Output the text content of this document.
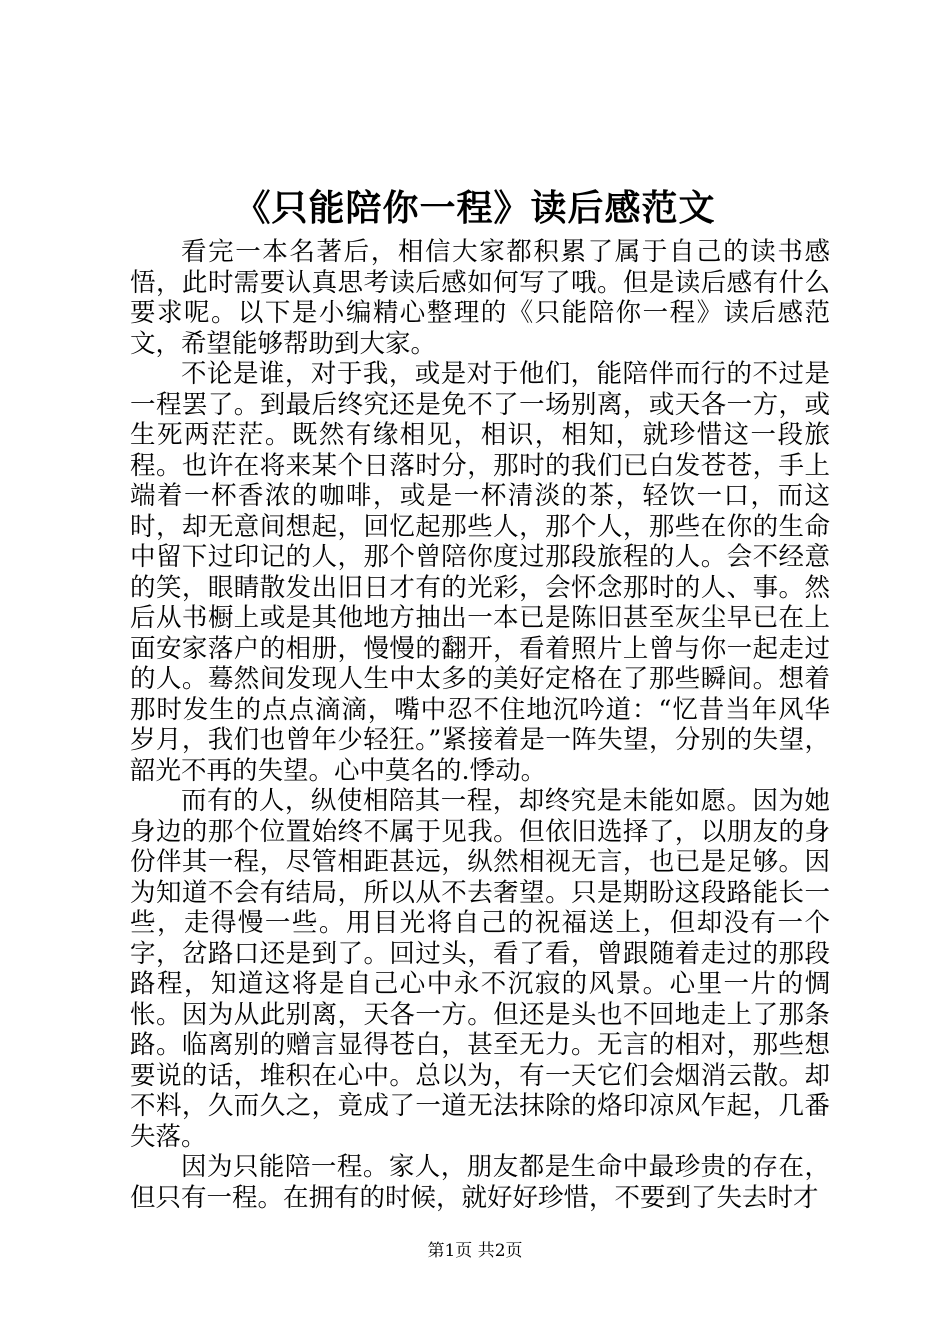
《只能陪你一程》读后感范文

看完一本名著后，相信大家都积累了属于自己的读书感悟，此时需要认真思考读后感如何写了哦。但是读后感有什么要求呢。以下是小编精心整理的《只能陪你一程》读后感范文，希望能够帮助到大家。

不论是谁，对于我，或是对于他们，能陪伴而行的不过是一程罢了。到最后终究还是免不了一场别离，或天各一方，或生死两茫茫。既然有缘相见，相识，相知，就珍惜这一段旅程。也许在将来某个日落时分，那时的我们已白发苍苍，手上端着一杯香浓的咖啡，或是一杯清淡的茶，轻饮一口，而这时，却无意间想起，回忆起那些人，那个人，那些在你的生命中留下过印记的人，那个曾陪你度过那段旅程的人。会不经意的笑，眼睛散发出旧日才有的光彩，会怀念那时的人、事。然后从书橱上或是其他地方抽出一本已是陈旧甚至灰尘早已在上面安家落户的相册，慢慢的翻开，看着照片上曾与你一起走过的人。蓦然间发现人生中太多的美好定格在了那些瞬间。想着那时发生的点点滴滴，嘴中忍不住地沉吟道：“忆昔当年风华岁月，我们也曾年少轻狂。”紧接着是一阵失望，分别的失望，韶光不再的失望。心中莫名的.悸动。

而有的人，纵使相陪其一程，却终究是未能如愿。因为她身边的那个位置始终不属于见我。但依旧选择了，以朋友的身份伴其一程，尽管相距甚远，纵然相视无言，也已是足够。因为知道不会有结局，所以从不去奢望。只是期盼这段路能长一些，走得慢一些。用目光将自己的祝福送上，但却没有一个字，岔路口还是到了。回过头，看了看，曾跟随着走过的那段路程，知道这将是自己心中永不沉寂的风景。心里一片的惆怅。因为从此别离，天各一方。但还是头也不回地走上了那条路。临离别的赠言显得苍白，甚至无力。无言的相对，那些想要说的话，堆积在心中。总以为，有一天它们会烟消云散。却不料，久而久之，竟成了一道无法抹除的烙印凉风乍起，几番失落。

因为只能陪一程。家人，朋友都是生命中最珍贵的存在，但只有一程。在拥有的时候，就好好珍惜，不要到了失去时才

第1页 共2页
